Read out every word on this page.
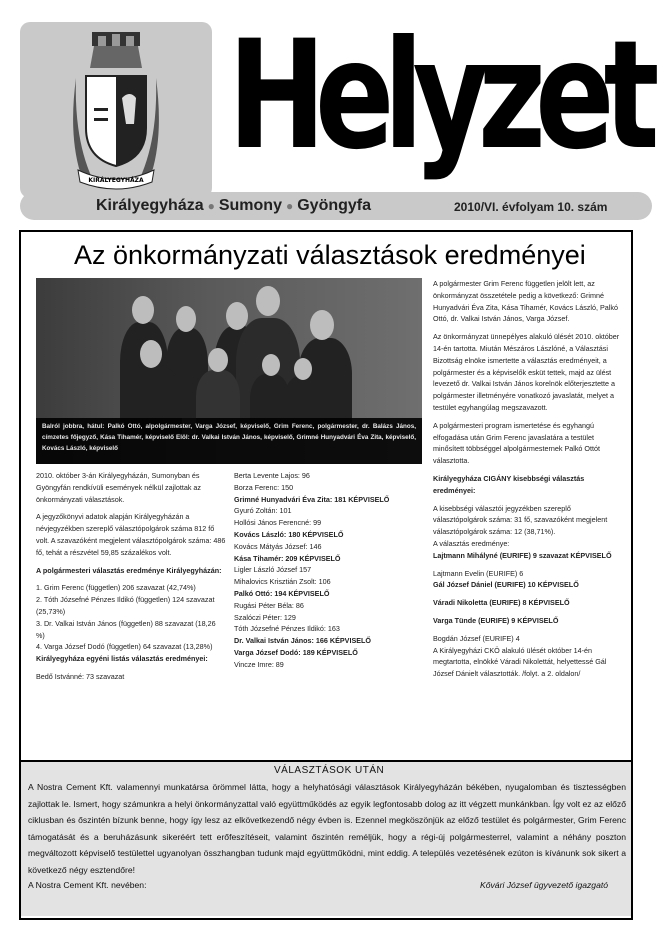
KIRÁLYEGYHÁZA Helyzet
Királyegyháza ● Sumony ● Gyöngyfa	2010/VI. évfolyam 10. szám
Az önkormányzati választások eredményei
Balról jobbra, hátul: Palkó Ottó, alpolgármester, Varga József, képviselő, Grim Ferenc, polgármester, dr. Balázs János, címzetes főjegyző, Kása Tihamér, képviselő Elöl: dr. Valkai István János, képviselő, Grimné Hunyadvári Éva Zita, képviselő, Kovács László, képviselő

2010. október 3-án Királyegyházán, Sumonyban és Gyöngyfán rendkívüli események nélkül zajlottak az önkormányzati választások.

A jegyzőkönyvi adatok alapján Királyegyházán a névjegyzékben szereplő választópolgárok száma 812 fő volt. A szavazóként megjelent választópolgárok száma: 486 fő, tehát a részvétel 59,85 százalékos volt.

A polgármesteri választás eredménye Királyegyházán:

1. Grim Ferenc (független) 206 szavazat (42,74%)

2. Tóth Józsefné Pénzes Ildikó (független) 124 szavazat (25,73%)

3. Dr. Valkai István János (független) 88 szavazat (18,26 %)

4. Varga József Dodó (független) 64 szavazat (13,28%)

Királyegyháza egyéni listás választás eredményei:

Bedő Istvánné: 73 szavazat

Berta Levente Lajos: 96

Borza Ferenc: 150

Grimné Hunyadvári Éva Zita: 181 KÉPVISELŐ

Gyuró Zoltán: 101

Hollósi János Ferencné: 99

Kovács László: 180 KÉPVISELŐ

Kovács Mátyás József: 146

Kása Tihamér: 209 KÉPVISELŐ

Ligler László József 157

Mihalovics Krisztián Zsolt: 106

Palkó Ottó: 194 KÉPVISELŐ

Rugási Péter Béla: 86

Szalóczi Péter: 129

Tóth Józsefné Pénzes Ildikó: 163

Dr. Valkai István János: 166 KÉPVISELŐ

Varga József Dodó: 189 KÉPVISELŐ

Vincze Imre: 89

A polgármester Grim Ferenc független jelölt lett, az önkormányzat összetétele pedig a következő: Grimné Hunyadvári Éva Zita, Kása Tihamér, Kovács László, Palkó Ottó, dr. Valkai István János, Varga József.

Az önkormányzat ünnepélyes alakuló ülését 2010. október 14-én tartotta. Miután Mészáros Lászlóné, a Választási Bizottság elnöke ismertette a választás eredményeit, a polgármester és a képviselők esküt tettek, majd az ülést levezető dr. Valkai István János korelnök előterjesztette a polgármester illetményére vonatkozó javaslatát, melyet a testület egyhangúlag megszavazott.

A polgármesteri program ismertetése és egyhangú elfogadása után Grim Ferenc javaslatára a testület minősített többséggel alpolgármesternek Palkó Ottót választotta.

Királyegyháza CIGÁNY kisebbségi választás eredményei:

A kisebbségi választói jegyzékben szereplő választópolgárok száma: 31 fő, szavazóként megjelent választópolgárok száma: 12 (38,71%).

A választás eredménye:

Lajtmann Mihályné (EURIFE) 9 szavazat KÉPVISELŐ

Lajtmann Evelin (EURIFE) 6

Gál József Dániel (EURIFE) 10 KÉPVISELŐ

Váradi Nikoletta (EURIFE) 8 KÉPVISELŐ

Varga Tünde (EURIFE) 9 KÉPVISELŐ

Bogdán József (EURIFE) 4

A Királyegyházi CKÖ alakuló ülését október 14-én megtartotta, elnökké Váradi Nikolettát, helyettessé Gál József Dánielt választották. /folyt. a 2. oldalon/

VÁLASZTÁSOK UTÁN
A Nostra Cement Kft. valamennyi munkatársa örömmel látta, hogy a helyhatósági választások Királyegyházán békében, nyugalomban és tisztességben zajlottak le. Ismert, hogy számunkra a helyi önkormányzattal való együttműködés az egyik legfontosabb dolog az itt végzett munkánkban. Így volt ez az előző ciklusban és őszintén bízunk benne, hogy így lesz az elkövetkezendő négy évben is. Ezennel megköszönjük az előző testület és polgármester, Grim Ferenc támogatását és a beruházásunk sikeréért tett erőfeszítéseit, valamint őszintén reméljük, hogy a régi-új polgármesterrel, valamint a néhány poszton megváltozott képviselő testülettel ugyanolyan összhangban tudunk majd együttműködni, mint eddig. A település vezetésének ezúton is kívánunk sok sikert a következő négy esztendőre!
A Nostra Cement Kft. nevében:	Kővári József ügyvezető igazgató
